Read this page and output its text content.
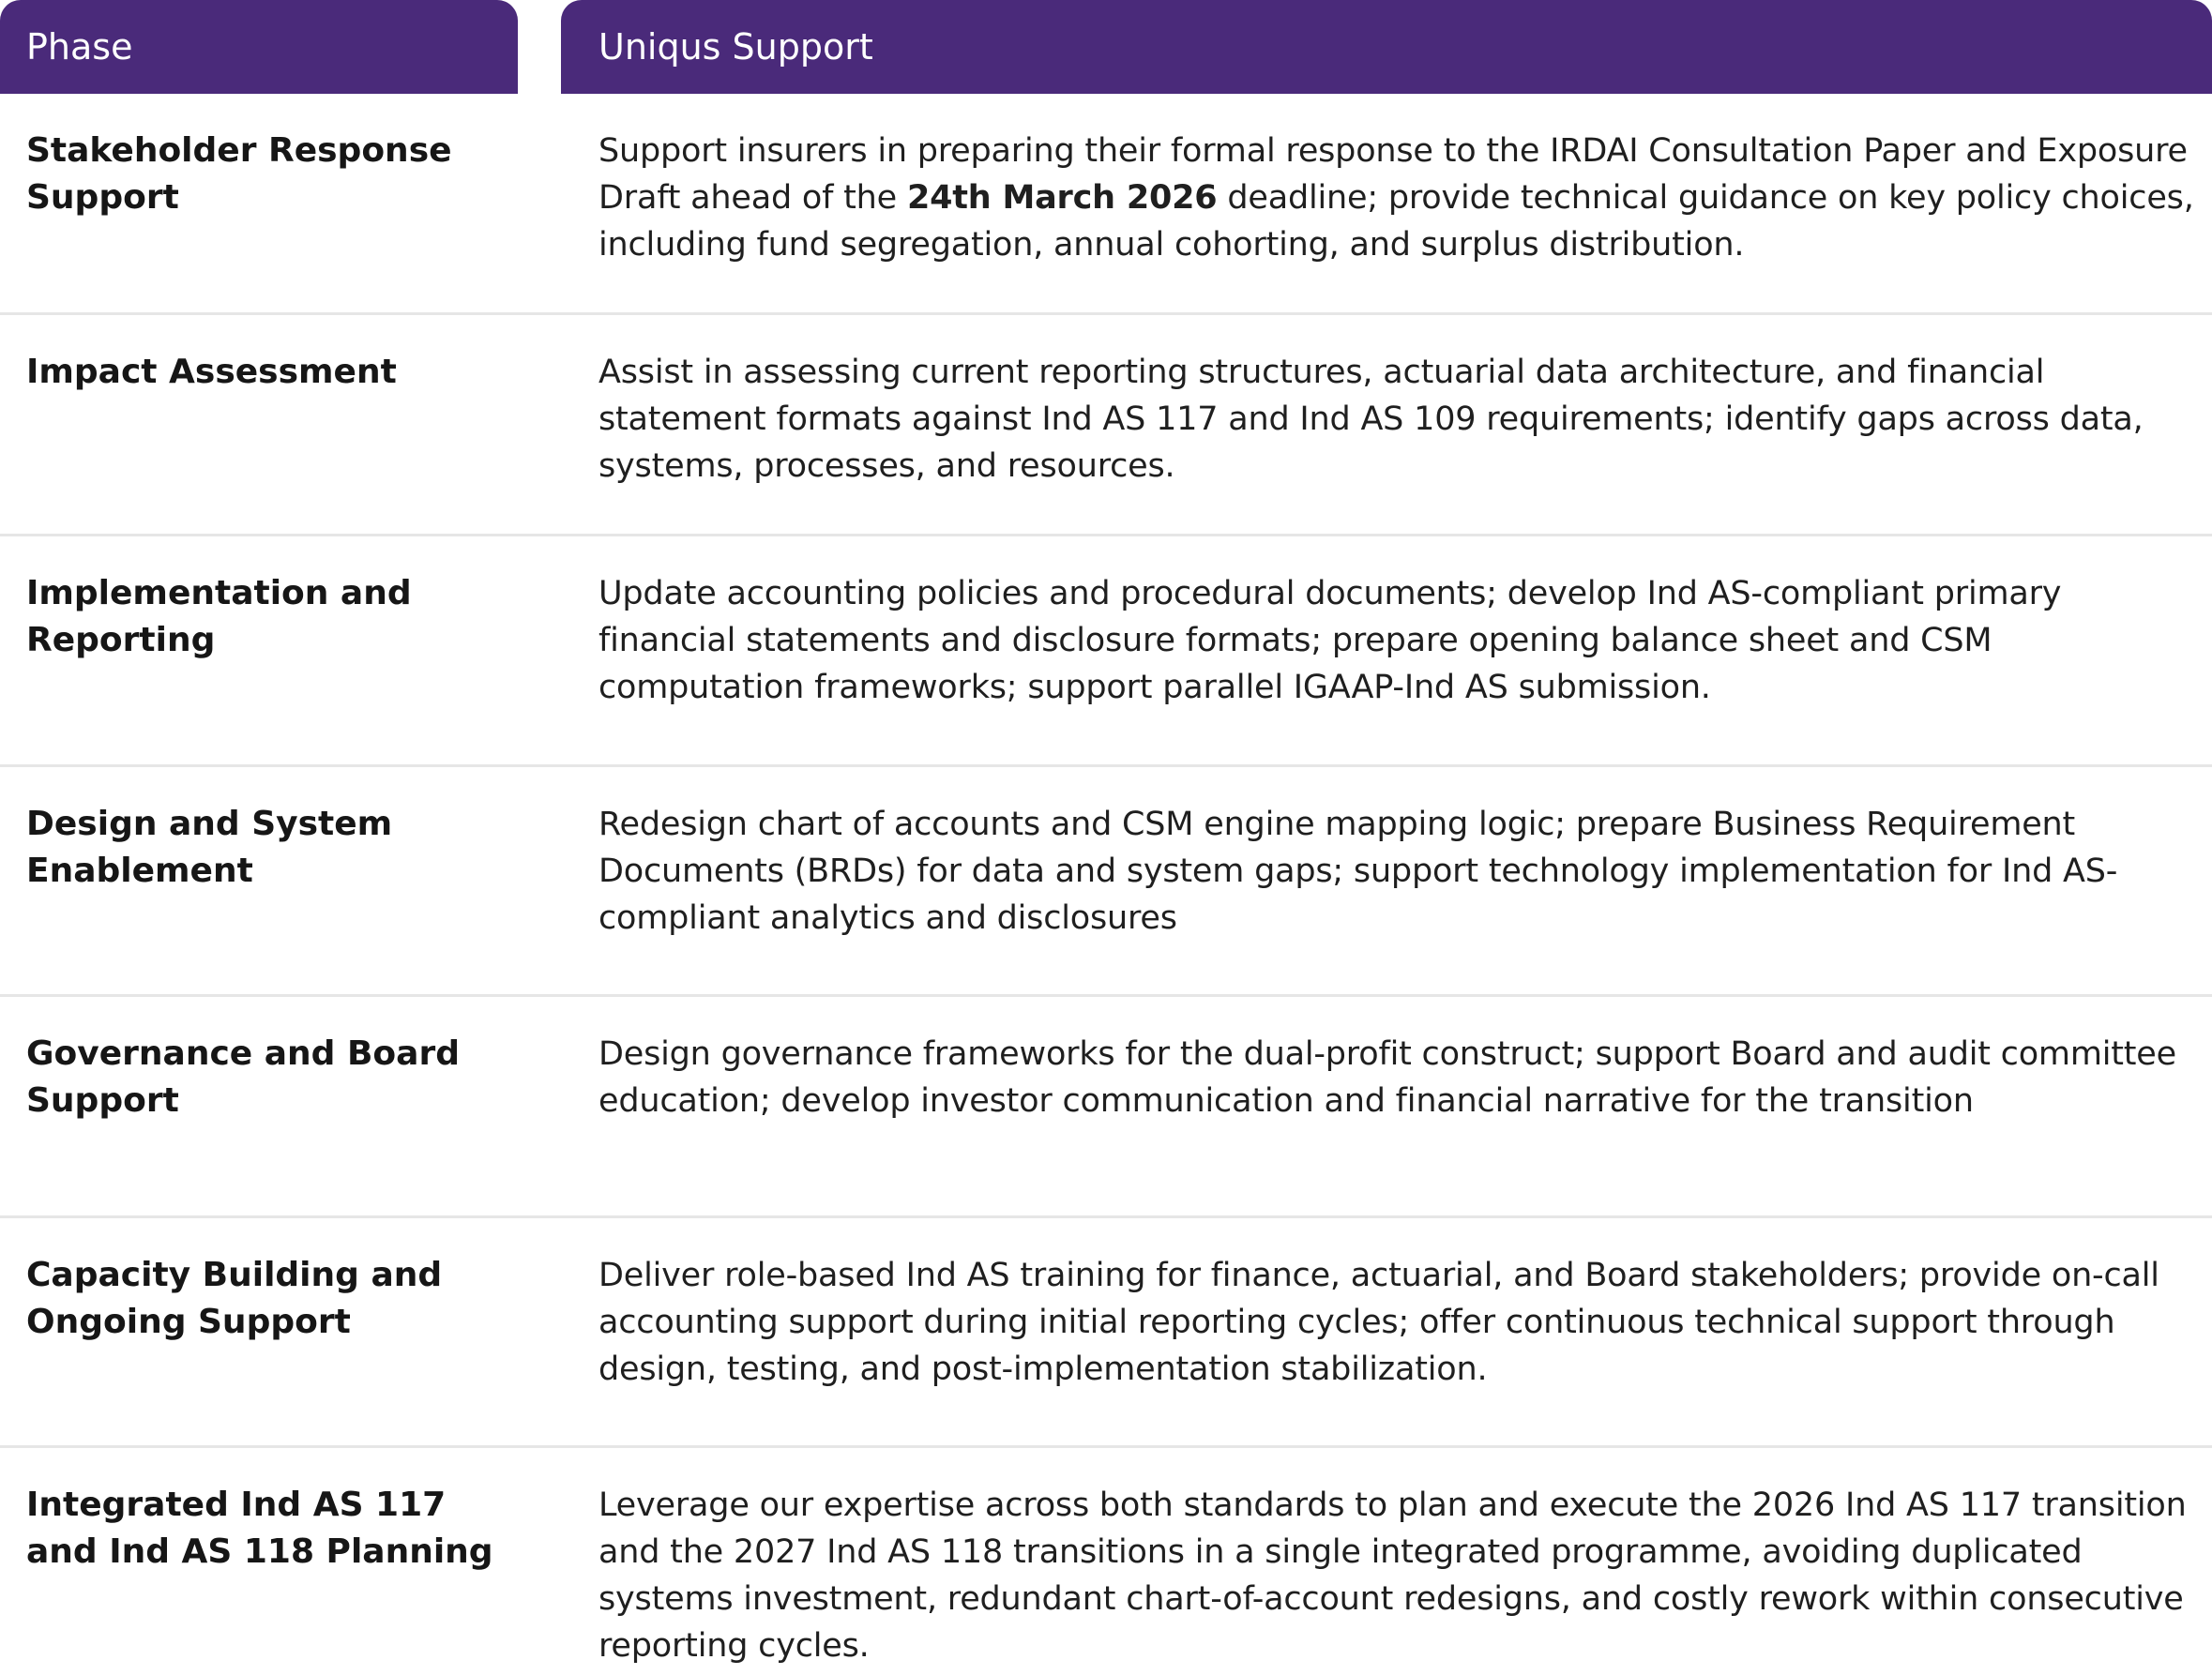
Phase	Uniqus Support
Stakeholder Response Support
Support insurers in preparing their formal response to the IRDAI Consultation Paper and Exposure Draft ahead of the 24th March 2026 deadline; provide technical guidance on key policy choices, including fund segregation, annual cohorting, and surplus distribution.
Impact Assessment	Assist in assessing current reporting structures, actuarial data architecture, and financial statement formats against Ind AS 117 and Ind AS 109 requirements; identify gaps across data, systems, processes, and resources.
Implementation and Reporting
Update accounting policies and procedural documents; develop Ind AS-compliant primary financial statements and disclosure formats; prepare opening balance sheet and CSM computation frameworks; support parallel IGAAP-Ind AS submission.
Design and System Enablement
Redesign chart of accounts and CSM engine mapping logic; prepare Business Requirement Documents (BRDs) for data and system gaps; support technology implementation for Ind AS-compliant analytics and disclosures
Governance and Board Support
Design governance frameworks for the dual-profit construct; support Board and audit committee education; develop investor communication and financial narrative for the transition
Capacity Building and Ongoing Support
Deliver role-based Ind AS training for finance, actuarial, and Board stakeholders; provide on-call accounting support during initial reporting cycles; offer continuous technical support through design, testing, and post-implementation stabilization.
Integrated Ind AS 117 and Ind AS 118 Planning
Leverage our expertise across both standards to plan and execute the 2026 Ind AS 117 transition and the 2027 Ind AS 118 transitions in a single integrated programme, avoiding duplicated systems investment, redundant chart-of-account redesigns, and costly rework within consecutive reporting cycles.
